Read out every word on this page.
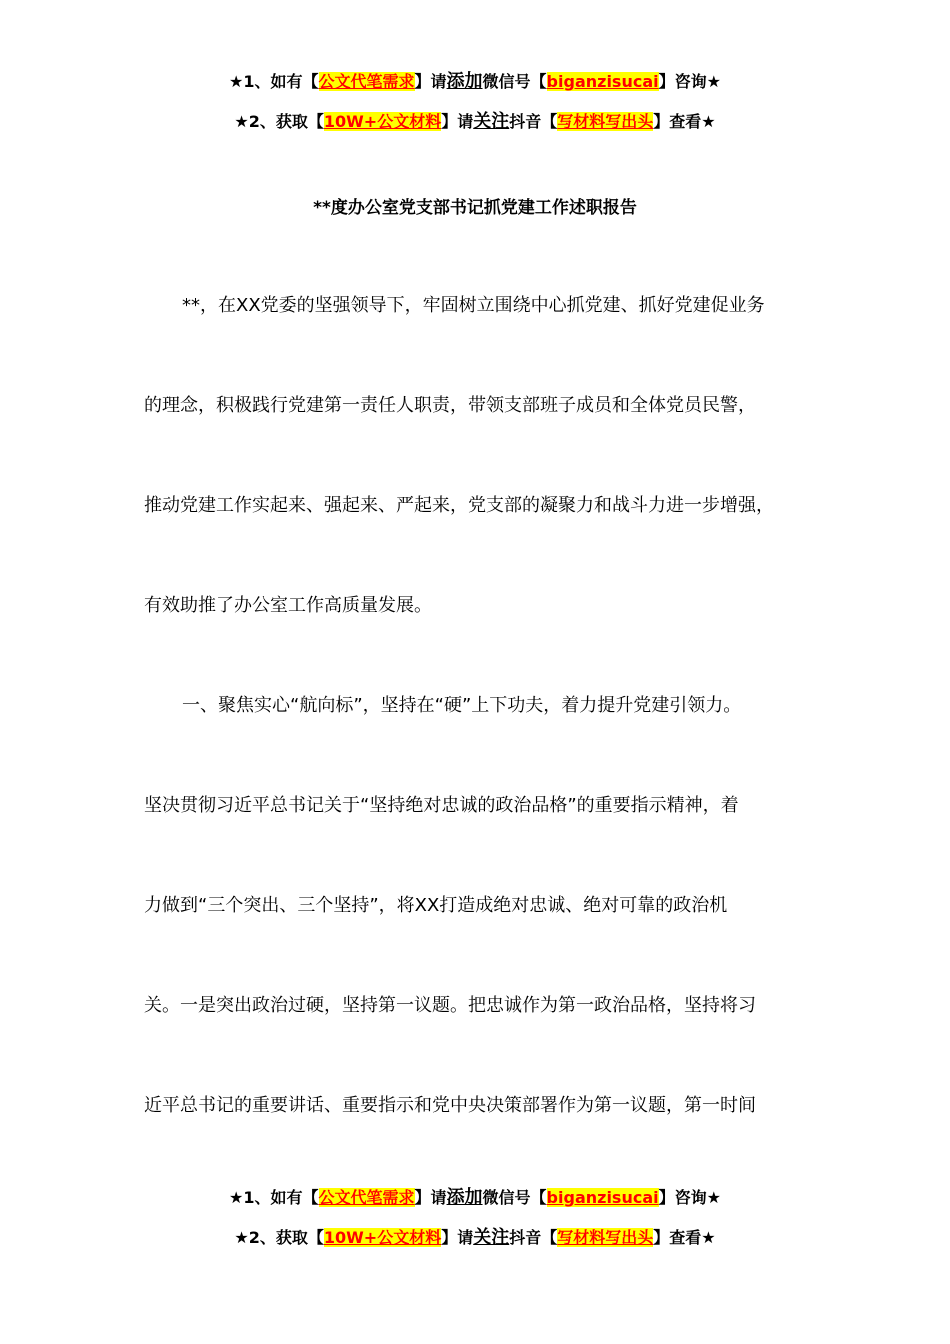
★1、如有【公文代笔需求】请添加微信号【biganzisucai】咨询★
★2、获取【10W+公文材料】请关注抖音【写材料写出头】查看★
**度办公室党支部书记抓党建工作述职报告
**，在XX党委的坚强领导下，牢固树立围绕中心抓党建、抓好党建促业务
的理念，积极践行党建第一责任人职责，带领支部班子成员和全体党员民警，
推动党建工作实起来、强起来、严起来，党支部的凝聚力和战斗力进一步增强，
有效助推了办公室工作高质量发展。
一、聚焦实心“航向标”，坚持在“硬”上下功夫，着力提升党建引领力。
坚决贯彻习近平总书记关于“坚持绝对忠诚的政治品格”的重要指示精神，着
力做到“三个突出、三个坚持”，将XX打造成绝对忠诚、绝对可靠的政治机
关。一是突出政治过硬，坚持第一议题。把忠诚作为第一政治品格，坚持将习
近平总书记的重要讲话、重要指示和党中央决策部署作为第一议题，第一时间
★1、如有【公文代笔需求】请添加微信号【biganzisucai】咨询★
★2、获取【10W+公文材料】请关注抖音【写材料写出头】查看★
